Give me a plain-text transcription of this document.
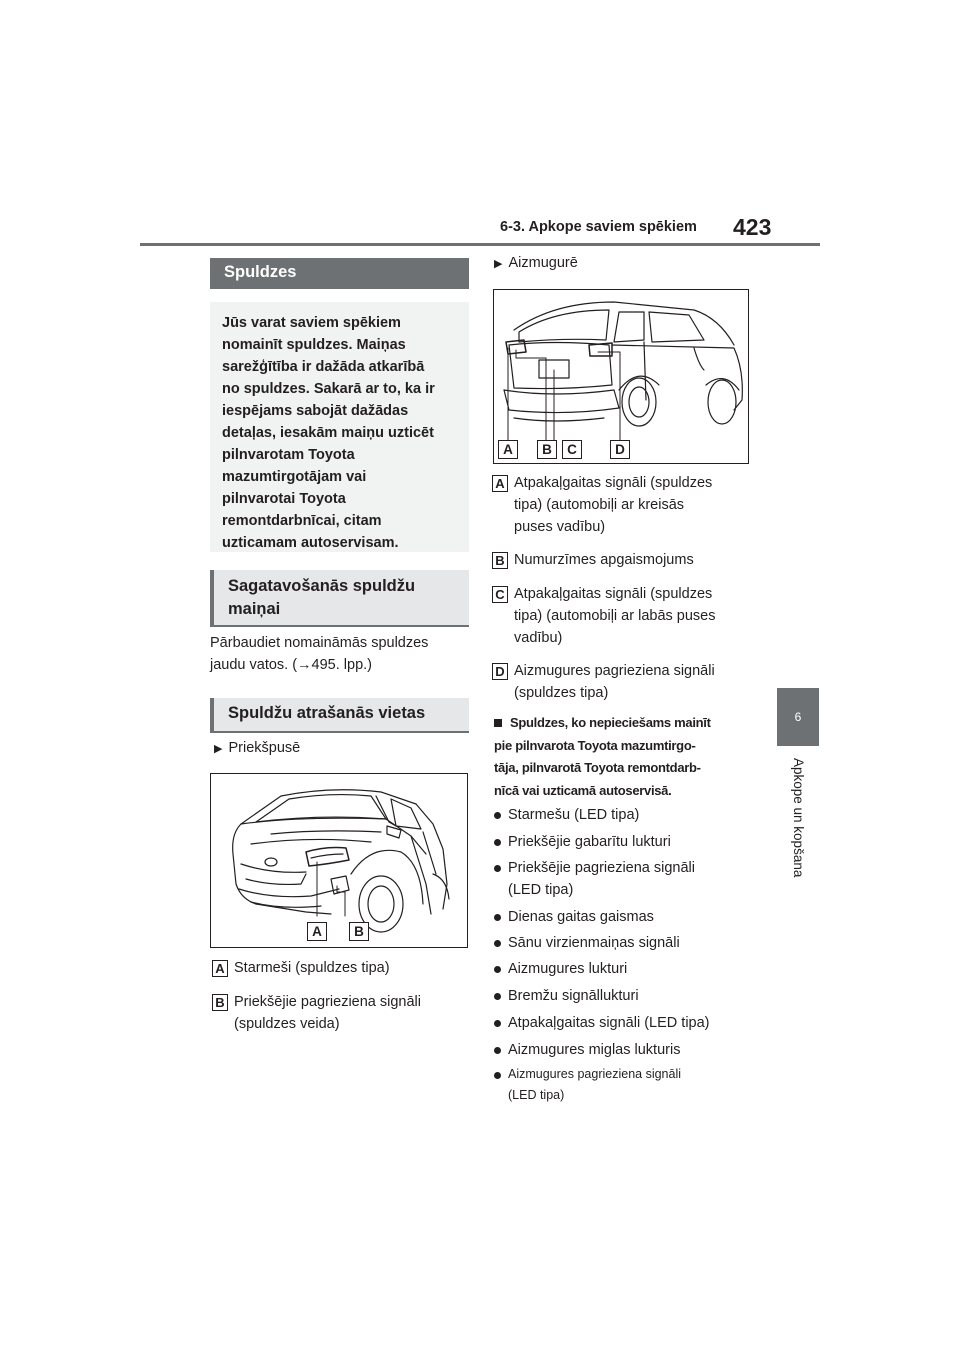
6-3. Apkope saviem spēkiem 423
6
Apkope un kopšana
Spuldzes
Jūs varat saviem spēkiem
nomainīt spuldzes. Maiņas
sarežģītība ir dažāda atkarībā
no spuldzes. Sakarā ar to, ka ir
iespējams sabojāt dažādas
detaļas, iesakām maiņu uzticēt
pilnvarotam Toyota
mazumtirgotājam vai
pilnvarotai Toyota
remontdarbnīcai, citam
uzticamam autoservisam.
Sagatavošanās spuldžu
maiņai
Pārbaudiet nomaināmās spuldzes
jaudu vatos. (→495. lpp.)
Spuldžu atrašanās vietas
▶ Priekšpusē
A	B
A Starmeši (spuldzes tipa)
B Priekšējie pagrieziena signāli
(spuldzes veida)
▶ Aizmugurē
A	B	C	D
A Atpakaļgaitas signāli (spuldzes
tipa) (automobiļi ar kreisās
puses vadību)
B Numurzīmes apgaismojums
C Atpakaļgaitas signāli (spuldzes
tipa) (automobiļi ar labās puses
vadību)
D Aizmugures pagrieziena signāli
(spuldzes tipa)
Spuldzes, ko nepieciešams mainīt
pie pilnvarota Toyota mazumtirgo-
tāja, pilnvarotā Toyota remontdarb-
nīcā vai uzticamā autoservisā.
Starmešu (LED tipa)
Priekšējie gabarītu lukturi
Priekšējie pagrieziena signāli
(LED tipa)
Dienas gaitas gaismas
Sānu virzienmaiņas signāli
Aizmugures lukturi
Bremžu signāllukturi
Atpakaļgaitas signāli (LED tipa)
Aizmugures miglas lukturis
Aizmugures pagrieziena signāli
(LED tipa)
